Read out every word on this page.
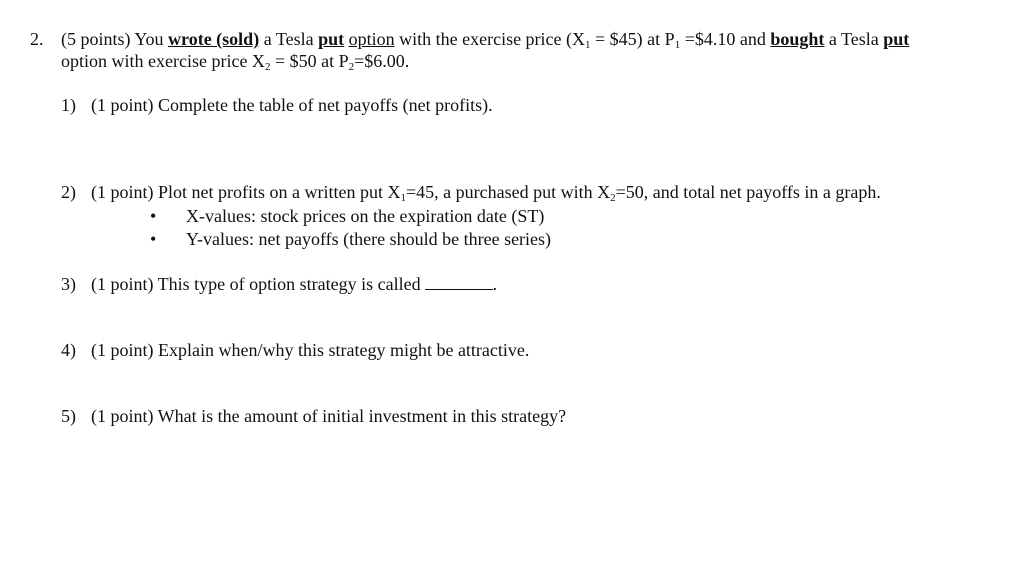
2. (5 points) You wrote (sold) a Tesla put option with the exercise price ($X_1$ = $45) at $P_1$ =$4.10 and bought a Tesla put
option with exercise price $X_2$ = $50 at $P_2=\$6.00$.
1) (1 point) Complete the table of net payoffs (net profits).
2) (1 point) Plot net profits on a written put $X_1=45$, a purchased put with $X_2=50$, and total net payoffs in a graph.
• X-values: stock prices on the expiration date (ST)
• Y-values: net payoffs (there should be three series)
3) (1 point) This type of option strategy is called	.
4) (1 point) Explain when/why this strategy might be attractive.
5) (1 point) What is the amount of initial investment in this strategy?
